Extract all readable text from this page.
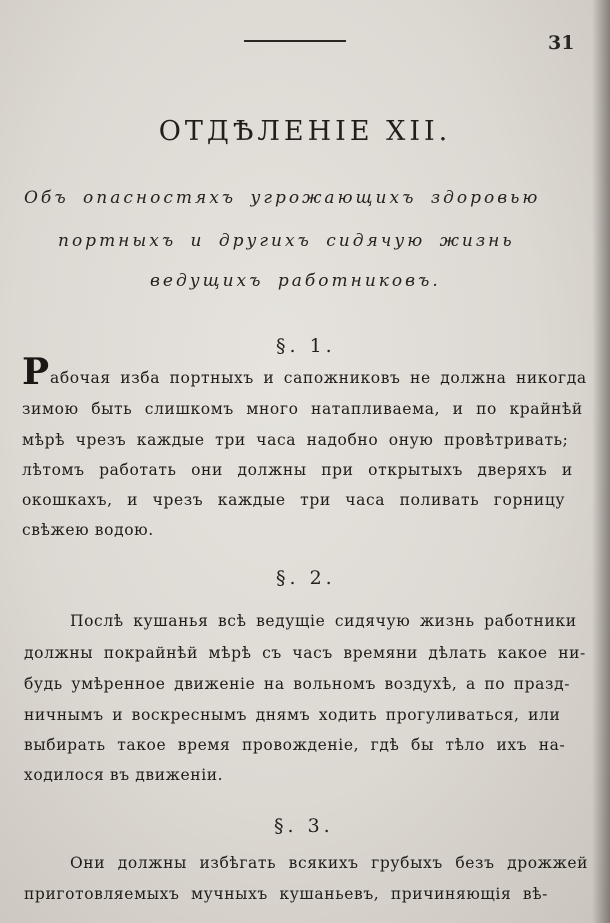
31
ОТДѢЛЕНІЕ XII.
Объ опасностяхъ угрожающихъ здоровью
портныхъ и другихъ сидячую жизнь
ведущихъ работниковъ.
§. 1.
Р абочая изба портныхъ и сапожниковъ не должна никогда
зимою быть слишкомъ много натапливаема, и по крайнѣй
мѣрѣ чрезъ каждые три часа надобно оную провѣтривать;
лѣтомъ работать они должны при открытыхъ дверяхъ и
окошкахъ, и чрезъ каждые три часа поливать горницу
свѣжею водою.
§. 2.
Послѣ кушанья всѣ ведущіе сидячую жизнь работники
должны покрайнѣй мѣрѣ съ часъ времяни дѣлать какое ни-
будь умѣренное движеніе на вольномъ воздухѣ, а по празд-
ничнымъ и воскреснымъ днямъ ходить прогуливаться, или
выбирать такое время провожденіе, гдѣ бы тѣло ихъ на-
ходилося въ движеніи.
§. 3.
Они должны избѣгать всякихъ грубыхъ безъ дрожжей
приготовляемыхъ мучныхъ кушаньевъ, причиняющія вѣ-
